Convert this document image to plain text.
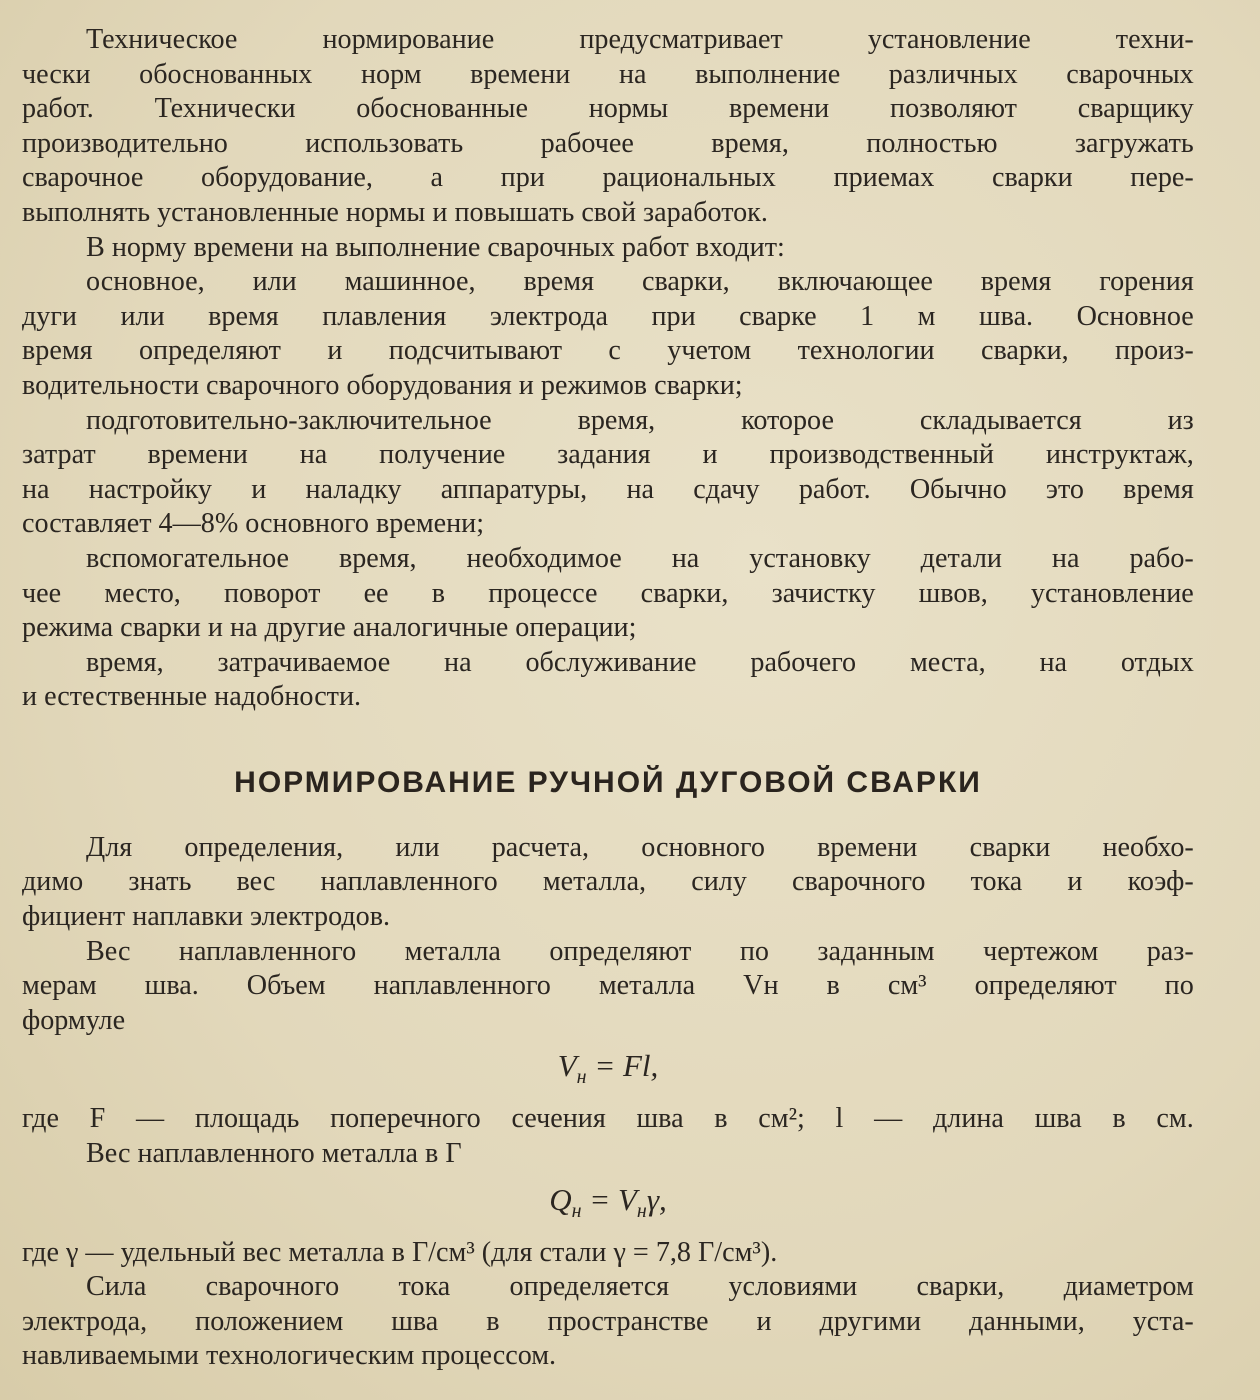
Техническое нормирование предусматривает установление техни-
чески обоснованных норм времени на выполнение различных сварочных
работ. Технически обоснованные нормы времени позволяют сварщику
производительно использовать рабочее время, полностью загружать
сварочное оборудование, а при рациональных приемах сварки пере-
выполнять установленные нормы и повышать свой заработок.
В норму времени на выполнение сварочных работ входит:
основное, или машинное, время сварки, включающее время горения
дуги или время плавления электрода при сварке 1 м шва. Основное
время определяют и подсчитывают с учетом технологии сварки, произ-
водительности сварочного оборудования и режимов сварки;
подготовительно-заключительное время, которое складывается из
затрат времени на получение задания и производственный инструктаж,
на настройку и наладку аппаратуры, на сдачу работ. Обычно это время
составляет 4—8% основного времени;
вспомогательное время, необходимое на установку детали на рабо-
чее место, поворот ее в процессе сварки, зачистку швов, установление
режима сварки и на другие аналогичные операции;
время, затрачиваемое на обслуживание рабочего места, на отдых
и естественные надобности.
НОРМИРОВАНИЕ РУЧНОЙ ДУГОВОЙ СВАРКИ
Для определения, или расчета, основного времени сварки необхо-
димо знать вес наплавленного металла, силу сварочного тока и коэф-
фициент наплавки электродов.
Вес наплавленного металла определяют по заданным чертежом раз-
мерам шва. Объем наплавленного металла Vн в см³ определяют по
формуле
$V_н = Fl$,
где F — площадь поперечного сечения шва в см²; l — длина шва в см.
Вес наплавленного металла в Г
$Q_н = V_н\gamma$,
где γ — удельный вес металла в Г/см³ (для стали γ = 7,8 Г/см³).
Сила сварочного тока определяется условиями сварки, диаметром
электрода, положением шва в пространстве и другими данными, уста-
навливаемыми технологическим процессом.
